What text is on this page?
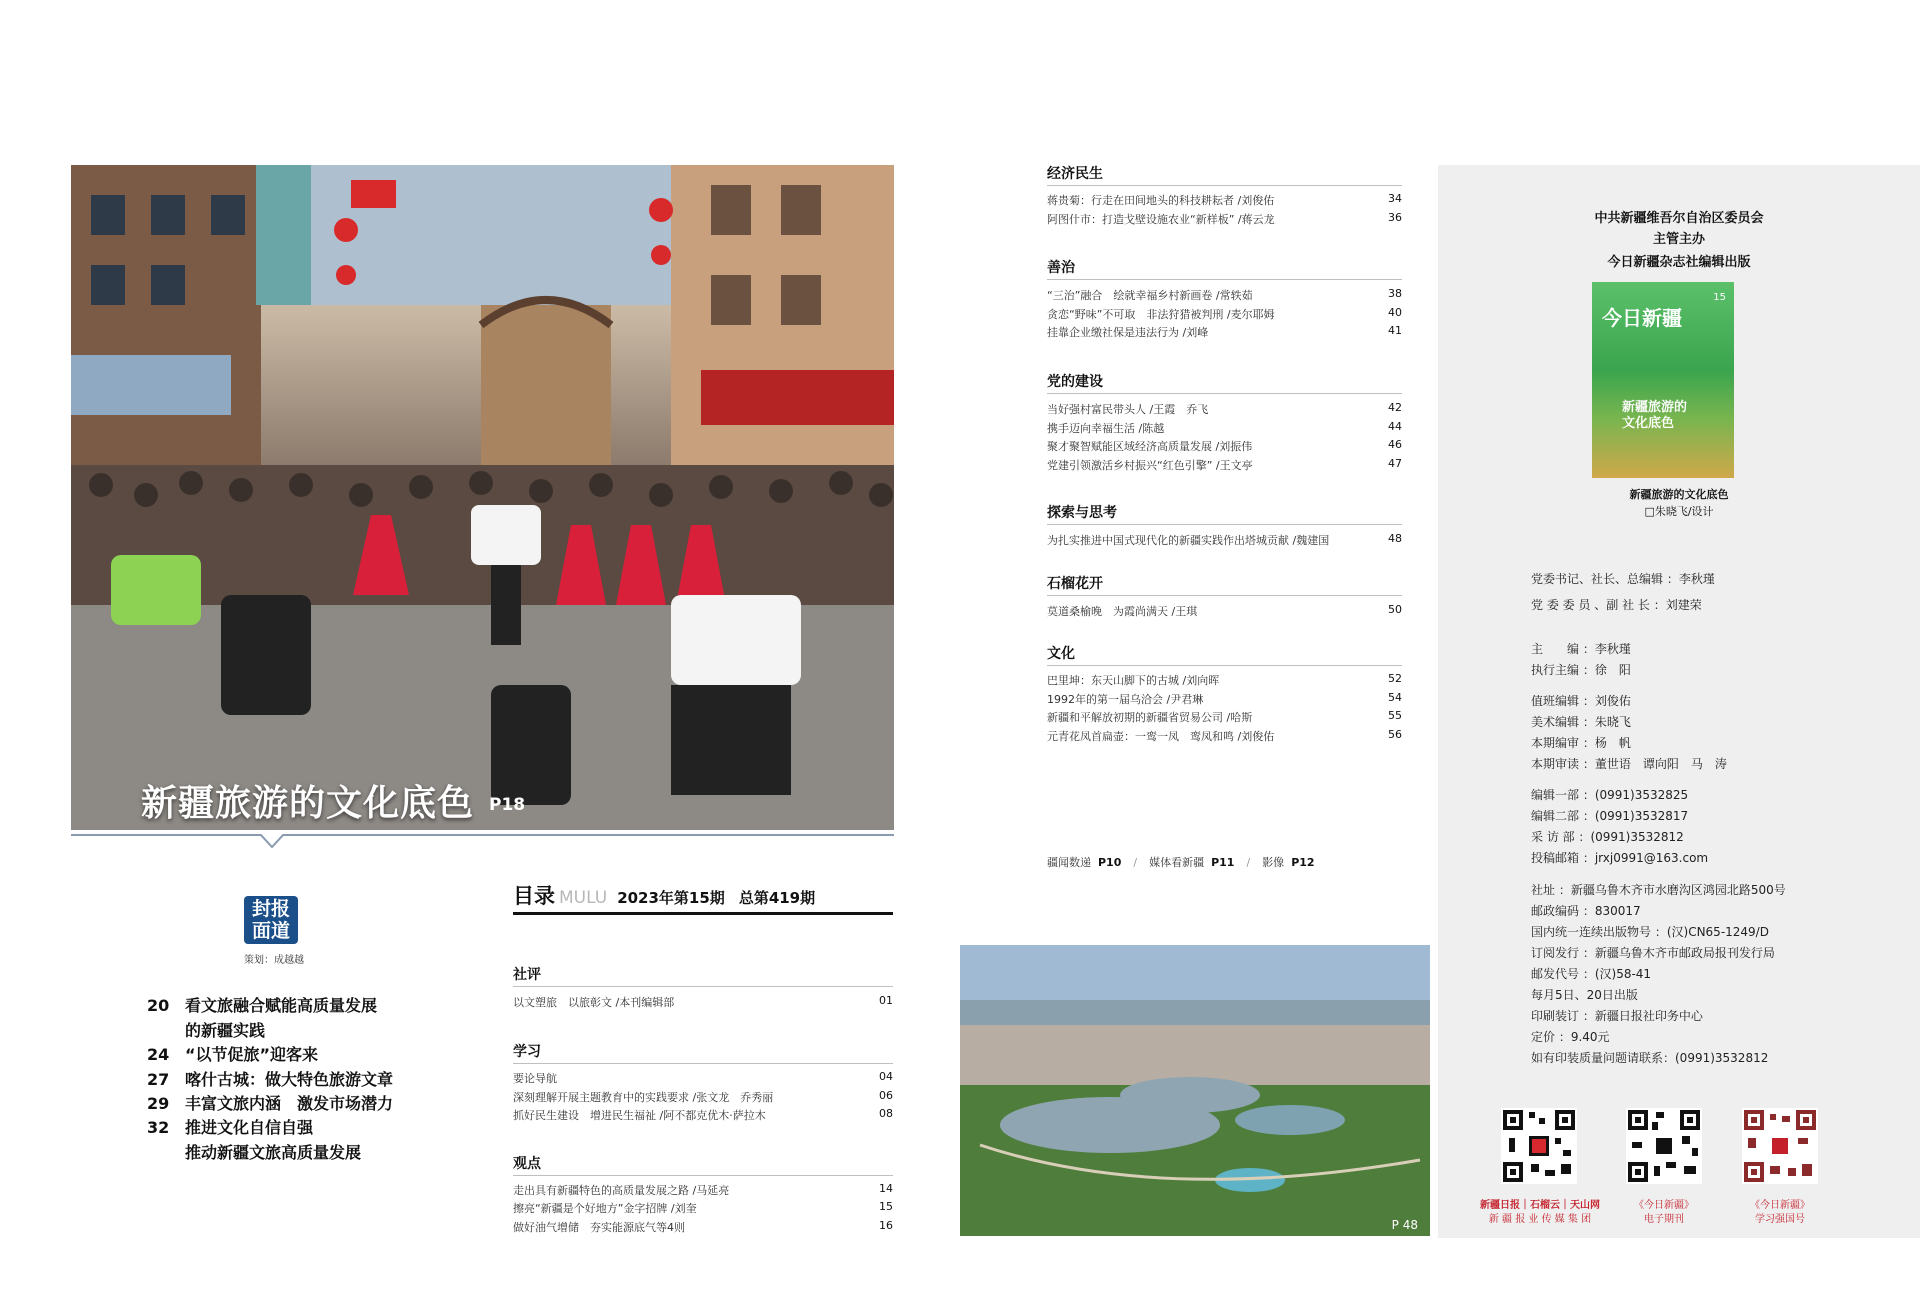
新疆旅游的文化底色 P18
封报
面道
策划：成越越
20 看文旅融合赋能高质量发展
的新疆实践
24 “以节促旅”迎客来
27 喀什古城：做大特色旅游文章
29 丰富文旅内涵　激发市场潜力
32 推进文化自信自强
推动新疆文旅高质量发展
目录 MULU 2023年第15期 总第419期
社评
以文塑旅　以旅彰文 /本刊编辑部	01
学习
要论导航	04
深刻理解开展主题教育中的实践要求 /张文龙　乔秀丽	06
抓好民生建设　增进民生福祉 /阿不都克优木·萨拉木	08
观点
走出具有新疆特色的高质量发展之路 /马延亮	14
擦亮“新疆是个好地方”金字招牌 /刘奎	15
做好油气增储　夯实能源底气等4则	16
经济民生
蒋贵菊：行走在田间地头的科技耕耘者 /刘俊佑	34
阿图什市：打造戈壁设施农业“新样板” /蒋云龙	36
善治
“三治”融合　绘就幸福乡村新画卷 /常轶茹	38
贪恋“野味”不可取　非法狩猎被判刑 /麦尔耶姆	40
挂靠企业缴社保是违法行为 /刘峰	41
党的建设
当好强村富民带头人 /王霞　乔飞	42
携手迈向幸福生活 /陈越	44
聚才聚智赋能区域经济高质量发展 /刘振伟	46
党建引领激活乡村振兴“红色引擎” /王文亭	47
探索与思考
为扎实推进中国式现代化的新疆实践作出塔城贡献 /魏建国	48
石榴花开
莫道桑榆晚　为霞尚满天 /王琪	50
文化
巴里坤：东天山脚下的古城 /刘向晖	52
1992年的第一届乌洽会 /尹君琳	54
新疆和平解放初期的新疆省贸易公司 /哈斯	55
元青花凤首扁壶：一鸾一凤　鸾凤和鸣 /刘俊佑	56
疆闻数递 P10 / 媒体看新疆 P11 / 影像 P12
P 48
中共新疆维吾尔自治区委员会
主管主办
今日新疆杂志社编辑出版
今日新疆
15
新疆旅游的
文化底色
新疆旅游的文化底色
□朱晓飞/设计
党委书记、社长、总编辑 ：李秋瑾
党 委 委 员 、副 社 长 ：刘建荣
主　　编 ：李秋瑾
执行主编 ：徐　阳
值班编辑 ：刘俊佑
美术编辑 ：朱晓飞
本期编审 ：杨　帆
本期审读 ：董世语　谭向阳　马　涛
编辑一部 ：(0991)3532825
编辑二部 ：(0991)3532817
采 访 部 ：(0991)3532812
投稿邮箱 ：jrxj0991@163.com
社址 ：新疆乌鲁木齐市水磨沟区鸿园北路500号
邮政编码 ：830017
国内统一连续出版物号 ：(汉)CN65-1249/D
订阅发行 ：新疆乌鲁木齐市邮政局报刊发行局
邮发代号 ：(汉)58-41
每月5日、20日出版
印刷装订 ：新疆日报社印务中心
定价 ：9.40元
如有印装质量问题请联系：(0991)3532812
新疆日报｜石榴云｜天山网
新 疆 报 业 传 媒 集 团
《今日新疆》
电子期刊
《今日新疆》
学习强国号
